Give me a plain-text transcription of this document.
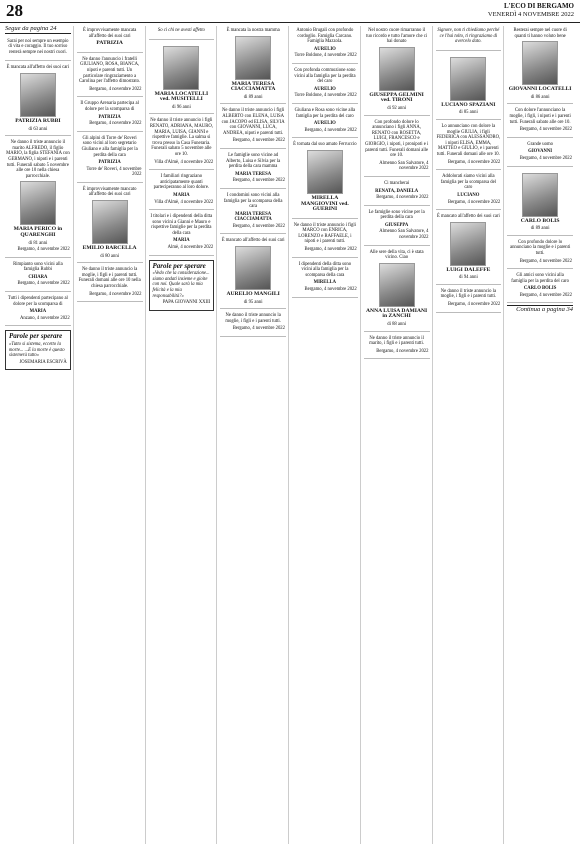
28	L'ECO DI BERGAMO
VENERDÌ 4 NOVEMBRE 2022
Segue da pagina 24

Sarai per noi sempre un esempio di vita e coraggio. Il tuo sorriso resterà sempre nei nostri cuori.

È mancata all'affetto dei suoi cari

PATRIZIA RUBBI
di 63 anni

Ne danno il triste annuncio il marito ALFREDO, il figlio MARIO, la figlia STEFANIA con GERMANO, i nipoti e i parenti tutti. Funerali sabato 5 novembre alle ore 10 nella chiesa parrocchiale.

MARIA PERICO in QUARENGHI
di 81 anni
Bergamo, 4 novembre 2022

Rimpianto sono vicini alla famiglia Rubbi

CHIARA
Bergamo, 4 novembre 2022

Tutti i dipendenti partecipano al dolore per la scomparsa di

MARIA
Anzano, 4 novembre 2022
Parole per sperare
«Tutto si sistema, eccetto la morte... ...E la morte è questo sistemerà tutto»
JOSEMARIA ESCRIVÀ

È improvvisamente mancata all'affetto dei suoi cari

PATRIZIA

Ne danno l'annuncio i fratelli GIULIANO, ROSA, BIANCA, nipoti e parenti tutti. Un particolare ringraziamento a Carolina per l'affetto dimostrato.

Bergamo, 4 novembre 2022

Il Gruppo Arenaria partecipa al dolore per la scomparsa di

PATRIZIA
Bergamo, 4 novembre 2022

Gli alpini di Torre de' Roveri sono vicini al loro segretario Giuliano e alla famiglia per la perdita della cara

PATRIZIA
Torre de' Roveri, 4 novembre 2022

È improvvisamente mancato all'affetto dei suoi cari

EMILIO BARCELLA
di 80 anni

Ne danno il triste annuncio la moglie, i figli e i parenti tutti. Funerali domani alle ore 10 nella chiesa parrocchiale.

Bergamo, 4 novembre 2022

So ci chi ne avesti affetto

MARIA LOCATELLI ved. MUSITELLI
di 96 anni

Ne danno il triste annuncio i figli RENATO, ADRIANA, MAURO, MARIA, LUISA, GIANNI e rispettive famiglie. La salma si trova presso la Casa Funeraria. Funerali sabato 5 novembre alle ore 10.

Villa d'Almè, 4 novembre 2022

I familiari ringraziano anticipatamente quanti parteciperanno al loro dolore.

MARIA
Villa d'Almè, 4 novembre 2022

I titolari e i dipendenti della ditta sono vicini a Gianni e Mauro e rispettive famiglie per la perdita della cara

MARIA
Almè, 4 novembre 2022
Parole per sperare
«Vedo che la considerazione... siamo andati insieme e gioite con noi. Quale sarà la mia felicità e la mia responsabilità?»
PAPA GIOVANNI XXIII

È mancata la nostra mamma

MARIA TERESA CIACCIAMATTA
di 89 anni

Ne danno il triste annuncio i figli ALBERTO con ELENA, LUISA con JACOPO ed ELISA, SILVIA con GIOVANNI, LUCA, ANDREA, nipoti e parenti tutti.

Bergamo, 4 novembre 2022

Le famiglie sono vicine ad Alberto, Luisa e Silvia per la perdita della cara mamma

MARIA TERESA
Bergamo, 4 novembre 2022

I condomini sono vicini alla famiglia per la scomparsa della cara

MARIA TERESA CIACCIAMATTA
Bergamo, 4 novembre 2022

È mancato all'affetto dei suoi cari

AURELIO MANGILI
di 95 anni

Ne danno il triste annuncio la moglie, i figli e i parenti tutti.

Bergamo, 4 novembre 2022

Antonio Brugali con profondo cordoglio. Famiglia Carcano. Famiglia Mazzola.

AURELIO
Torre Boldone, 4 novembre 2022

Con profonda commozione sono vicini alla famiglia per la perdita del caro

AURELIO
Torre Boldone, 4 novembre 2022

Giuliana e Rosa sono vicine alla famiglia per la perdita del caro

AURELIO
Bergamo, 4 novembre 2022

È tornata dal suo amato Ferruccio

MIRELLA MANGIOVINI ved. GUERINI

Ne danno il triste annuncio i figli MARCO con ENRICA, LORENZO e RAFFAELE, i nipoti e i parenti tutti.

Bergamo, 4 novembre 2022

I dipendenti della ditta sono vicini alla famiglia per la scomparsa della cara

MIRELLA
Bergamo, 4 novembre 2022

Nel nostro cuore rimarranno il tuo ricordo e tutto l'amore che ci hai donato

GIUSEPPA GELMINI ved. TIRONI
di 92 anni

Con profondo dolore lo annunciano i figli ANNA, RENATO con ROSETTA, LUIGI, FRANCESCO e GIORGIO, i nipoti, i pronipoti e i parenti tutti. Funerali domani alle ore 10.

Almenno San Salvatore, 4 novembre 2022

Ci mancherai

RENATA, DANIELA
Bergamo, 4 novembre 2022

Le famiglie sono vicine per la perdita della cara

GIUSEPPA
Almenno San Salvatore, 4 novembre 2022

Alle sere della vita, ci è stata vicino. Ciao

ANNA LUISA DAMIANI in ZANCHI
di 88 anni

Ne danno il triste annuncio il marito, i figli e i parenti tutti.

Bergamo, 4 novembre 2022

Signore, non ti chiediamo perché ce l'hai tolto, ti ringraziamo di avercelo dato.

LUCIANO SPAZIANI
di 85 anni

Lo annunciano con dolore la moglie GIULIA, i figli FEDERICA con ALESSANDRO, i nipoti ELISA, EMMA, MATTEO e GIULIO, e i parenti tutti. Funerali domani alle ore 10.

Bergamo, 4 novembre 2022

Addolorati siamo vicini alla famiglia per la scomparsa del caro

LUCIANO
Bergamo, 4 novembre 2022

È mancato all'affetto dei suoi cari

LUIGI DALEFFE
di 94 anni

Ne danno il triste annuncio la moglie, i figli e i parenti tutti.

Bergamo, 4 novembre 2022

Resterai sempre nel cuore di quanti ti hanno voluto bene

GIOVANNI LOCATELLI
di 86 anni

Con dolore l'annunciano la moglie, i figli, i nipoti e i parenti tutti. Funerali sabato alle ore 10.

Bergamo, 4 novembre 2022

Grande uomo

GIOVANNI
Bergamo, 4 novembre 2022
CARLO BOLIS
di 89 anni

Con profondo dolore lo annunciano la moglie e i parenti tutti.

Bergamo, 4 novembre 2022

Gli amici sono vicini alla famiglia per la perdita del caro

CARLO BOLIS
Bergamo, 4 novembre 2022
Continua a pagina 34
